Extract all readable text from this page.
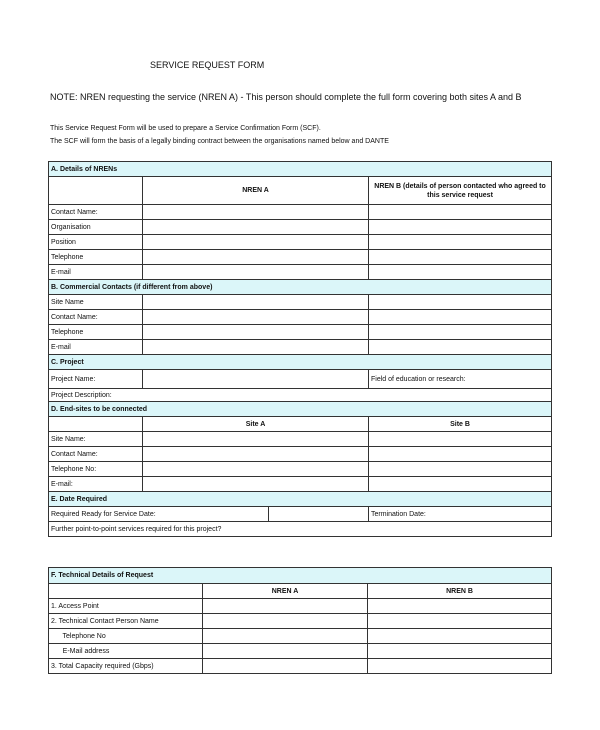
SERVICE REQUEST FORM
NOTE: NREN requesting the service (NREN A) - This person should complete the full form covering both sites A and B
This Service Request Form will be used to prepare a Service Confirmation Form (SCF).
The SCF will form the basis of a legally binding contract between the organisations named below and DANTE
A. Details of NRENs				
	NREN A		NREN B (details of person contacted who agreed to this service request	
Contact Name:				
Organisation				
Position				
Telephone				
E-mail				
B. Commercial Contacts (if different from above)				
Site Name				
Contact Name:				
Telephone				
E-mail				
C. Project				
Project Name:			Field of education or research:	
Project Description:				
D. End-sites to be connected				
	Site A		Site B	
Site Name:				
Contact Name:				
Telephone No:				
E-mail:				
E. Date Required				
Required Ready for Service Date:			Termination Date:	
Further point-to-point services required for this project?				
F. Technical Details of Request		
	NREN A	NREN B
1. Access Point		
2. Technical Contact Person Name		
Telephone No		
E-Mail address		
3. Total Capacity required (Gbps)		
